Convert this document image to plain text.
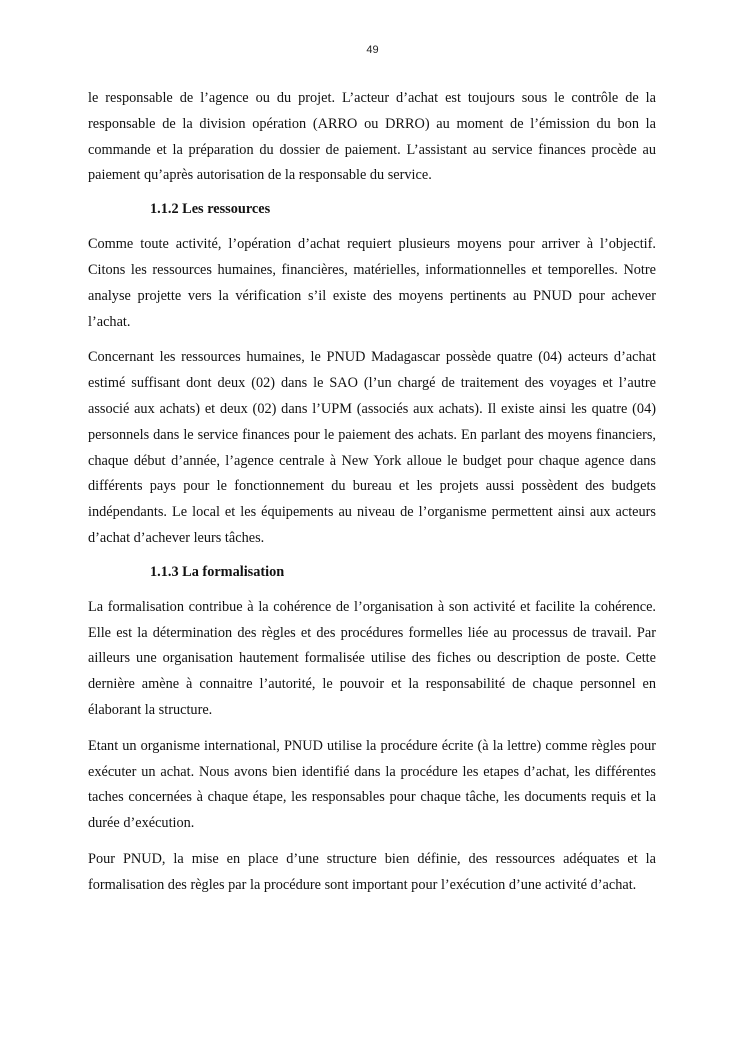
49

le responsable de l’agence ou du projet. L’acteur d’achat est toujours sous le contrôle de la responsable de la division opération (ARRO ou DRRO) au moment de l’émission du bon la commande et la préparation du dossier de paiement. L’assistant au service finances procède au paiement qu’après autorisation de la responsable du service.

1.1.2 Les ressources

Comme toute activité, l’opération d’achat requiert plusieurs moyens pour arriver à l’objectif. Citons les ressources humaines, financières, matérielles, informationnelles et temporelles. Notre analyse projette vers la vérification s’il existe des moyens pertinents au PNUD pour achever l’achat.

Concernant les ressources humaines, le PNUD Madagascar possède quatre (04) acteurs d’achat estimé suffisant dont deux (02) dans le SAO (l’un chargé de traitement des voyages et l’autre associé aux achats) et deux (02) dans l’UPM (associés aux achats). Il existe ainsi les quatre (04) personnels dans le service finances pour le paiement des achats. En parlant des moyens financiers, chaque début d’année, l’agence centrale à New York alloue le budget pour chaque agence dans différents pays pour le fonctionnement du bureau et les projets aussi possèdent des budgets indépendants. Le local et les équipements au niveau de l’organisme permettent ainsi aux acteurs d’achat d’achever leurs tâches.

1.1.3 La formalisation

La formalisation contribue à la cohérence de l’organisation à son activité et facilite la cohérence. Elle est la détermination des règles et des procédures formelles liée au processus de travail. Par ailleurs une organisation hautement formalisée utilise des fiches ou description de poste. Cette dernière amène à connaitre l’autorité, le pouvoir et la responsabilité de chaque personnel en élaborant la structure.

Etant un organisme international, PNUD utilise la procédure écrite (à la lettre) comme règles pour exécuter un achat. Nous avons bien identifié dans la procédure les etapes d’achat, les différentes taches concernées à chaque étape, les responsables pour chaque tâche, les documents requis et la durée d’exécution.

Pour PNUD, la mise en place d’une structure bien définie, des ressources adéquates et la formalisation des règles par la procédure sont important pour l’exécution d’une activité d’achat.
